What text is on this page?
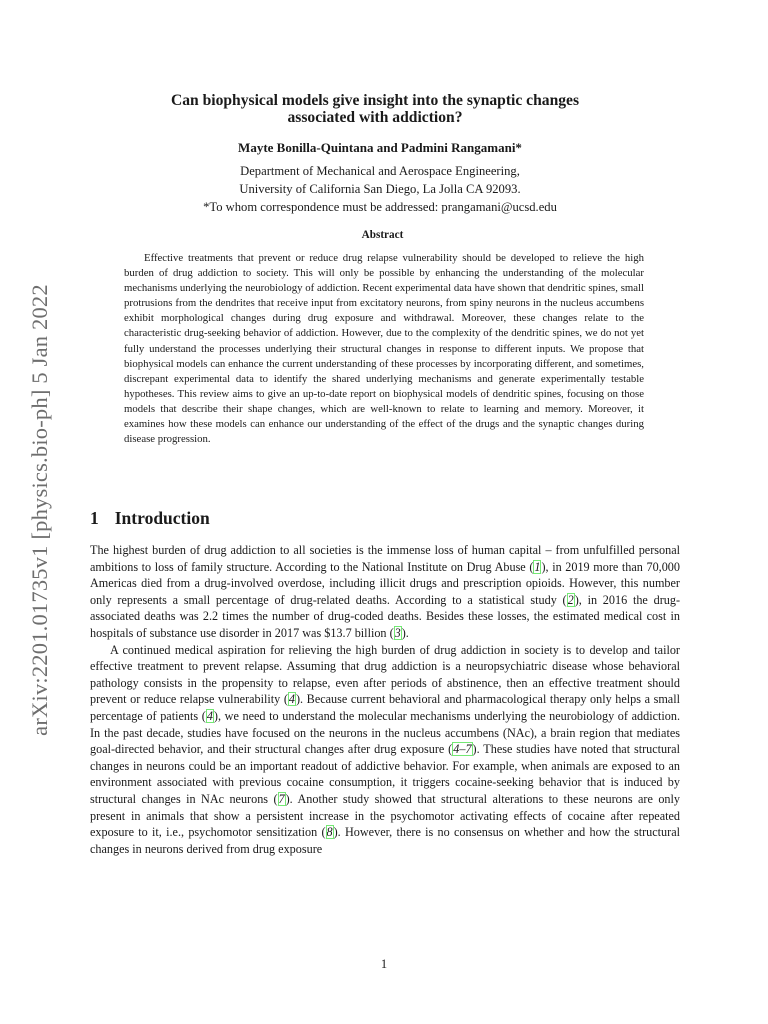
arXiv:2201.01735v1 [physics.bio-ph] 5 Jan 2022
Can biophysical models give insight into the synaptic changes
associated with addiction?
Mayte Bonilla-Quintana and Padmini Rangamani*
Department of Mechanical and Aerospace Engineering,
University of California San Diego, La Jolla CA 92093.
*To whom correspondence must be addressed: prangamani@ucsd.edu
Abstract

Effective treatments that prevent or reduce drug relapse vulnerability should be developed to relieve the high burden of drug addiction to society. This will only be possible by enhancing the understanding of the molecular mechanisms underlying the neurobiology of addiction. Recent experimental data have shown that dendritic spines, small protrusions from the dendrites that receive input from excitatory neurons, from spiny neurons in the nucleus accumbens exhibit morphological changes during drug exposure and withdrawal. Moreover, these changes relate to the characteristic drug-seeking behavior of addiction. However, due to the complexity of the dendritic spines, we do not yet fully understand the processes underlying their structural changes in response to different inputs. We propose that biophysical models can enhance the current understanding of these processes by incorporating different, and sometimes, discrepant experimental data to identify the shared underlying mechanisms and generate experimentally testable hypotheses. This review aims to give an up-to-date report on biophysical models of dendritic spines, focusing on those models that describe their shape changes, which are well-known to relate to learning and memory. Moreover, it examines how these models can enhance our understanding of the effect of the drugs and the synaptic changes during disease progression.

1 Introduction

The highest burden of drug addiction to all societies is the immense loss of human capital – from unfulfilled personal ambitions to loss of family structure. According to the National Institute on Drug Abuse (1), in 2019 more than 70,000 Americas died from a drug-involved overdose, including illicit drugs and prescription opioids. However, this number only represents a small percentage of drug-related deaths. According to a statistical study (2), in 2016 the drug-associated deaths was 2.2 times the number of drug-coded deaths. Besides these losses, the estimated medical cost in hospitals of substance use disorder in 2017 was $13.7 billion (3).

A continued medical aspiration for relieving the high burden of drug addiction in society is to develop and tailor effective treatment to prevent relapse. Assuming that drug addiction is a neuropsychiatric disease whose behavioral pathology consists in the propensity to relapse, even after periods of abstinence, then an effective treatment should prevent or reduce relapse vulnerability (4). Because current behavioral and pharmacological therapy only helps a small percentage of patients (4), we need to understand the molecular mechanisms underlying the neurobiology of addiction. In the past decade, studies have focused on the neurons in the nucleus accumbens (NAc), a brain region that mediates goal-directed behavior, and their structural changes after drug exposure (4–7). These studies have noted that structural changes in neurons could be an important readout of addictive behavior. For example, when animals are exposed to an environment associated with previous cocaine consumption, it triggers cocaine-seeking behavior that is induced by structural changes in NAc neurons (7). Another study showed that structural alterations to these neurons are only present in animals that show a persistent increase in the psychomotor activating effects of cocaine after repeated exposure to it, i.e., psychomotor sensitization (8). However, there is no consensus on whether and how the structural changes in neurons derived from drug exposure

1
